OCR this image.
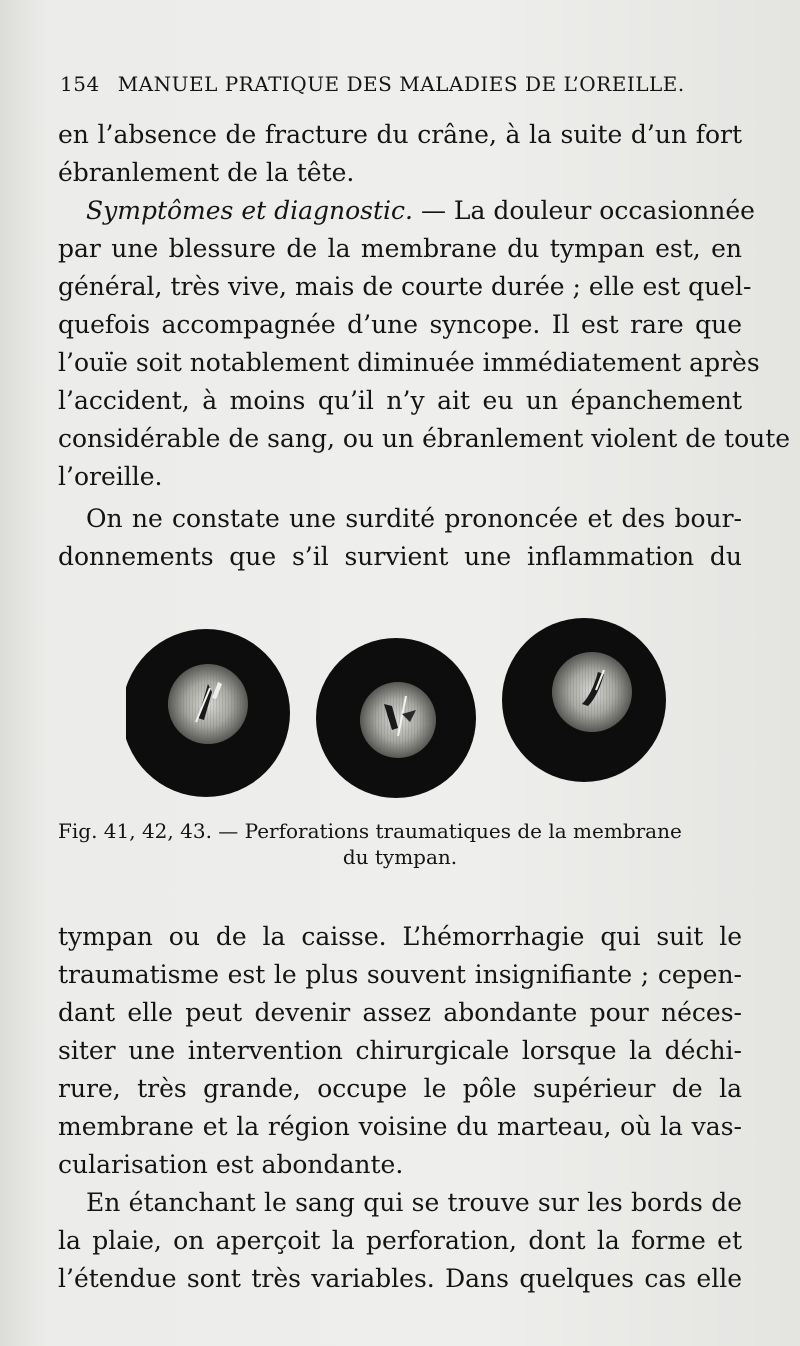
154 MANUEL PRATIQUE DES MALADIES DE L’OREILLE.
en l’absence de fracture du crâne, à la suite d’un fort
ébranlement de la tête.
Symptômes et diagnostic. — La douleur occasionnée
par une blessure de la membrane du tympan est, en
général, très vive, mais de courte durée ; elle est quel-
quefois accompagnée d’une syncope. Il est rare que
l’ouïe soit notablement diminuée immédiatement après
l’accident, à moins qu’il n’y ait eu un épanchement
considérable de sang, ou un ébranlement violent de toute
l’oreille.
On ne constate une surdité prononcée et des bour-
donnements que s’il survient une inflammation du
Fig. 41, 42, 43. — Perforations traumatiques de la membrane
du tympan.
tympan ou de la caisse. L’hémorrhagie qui suit le
traumatisme est le plus souvent insignifiante ; cepen-
dant elle peut devenir assez abondante pour néces-
siter une intervention chirurgicale lorsque la déchi-
rure, très grande, occupe le pôle supérieur de la
membrane et la région voisine du marteau, où la vas-
cularisation est abondante.
En étanchant le sang qui se trouve sur les bords de
la plaie, on aperçoit la perforation, dont la forme et
l’étendue sont très variables. Dans quelques cas elle
